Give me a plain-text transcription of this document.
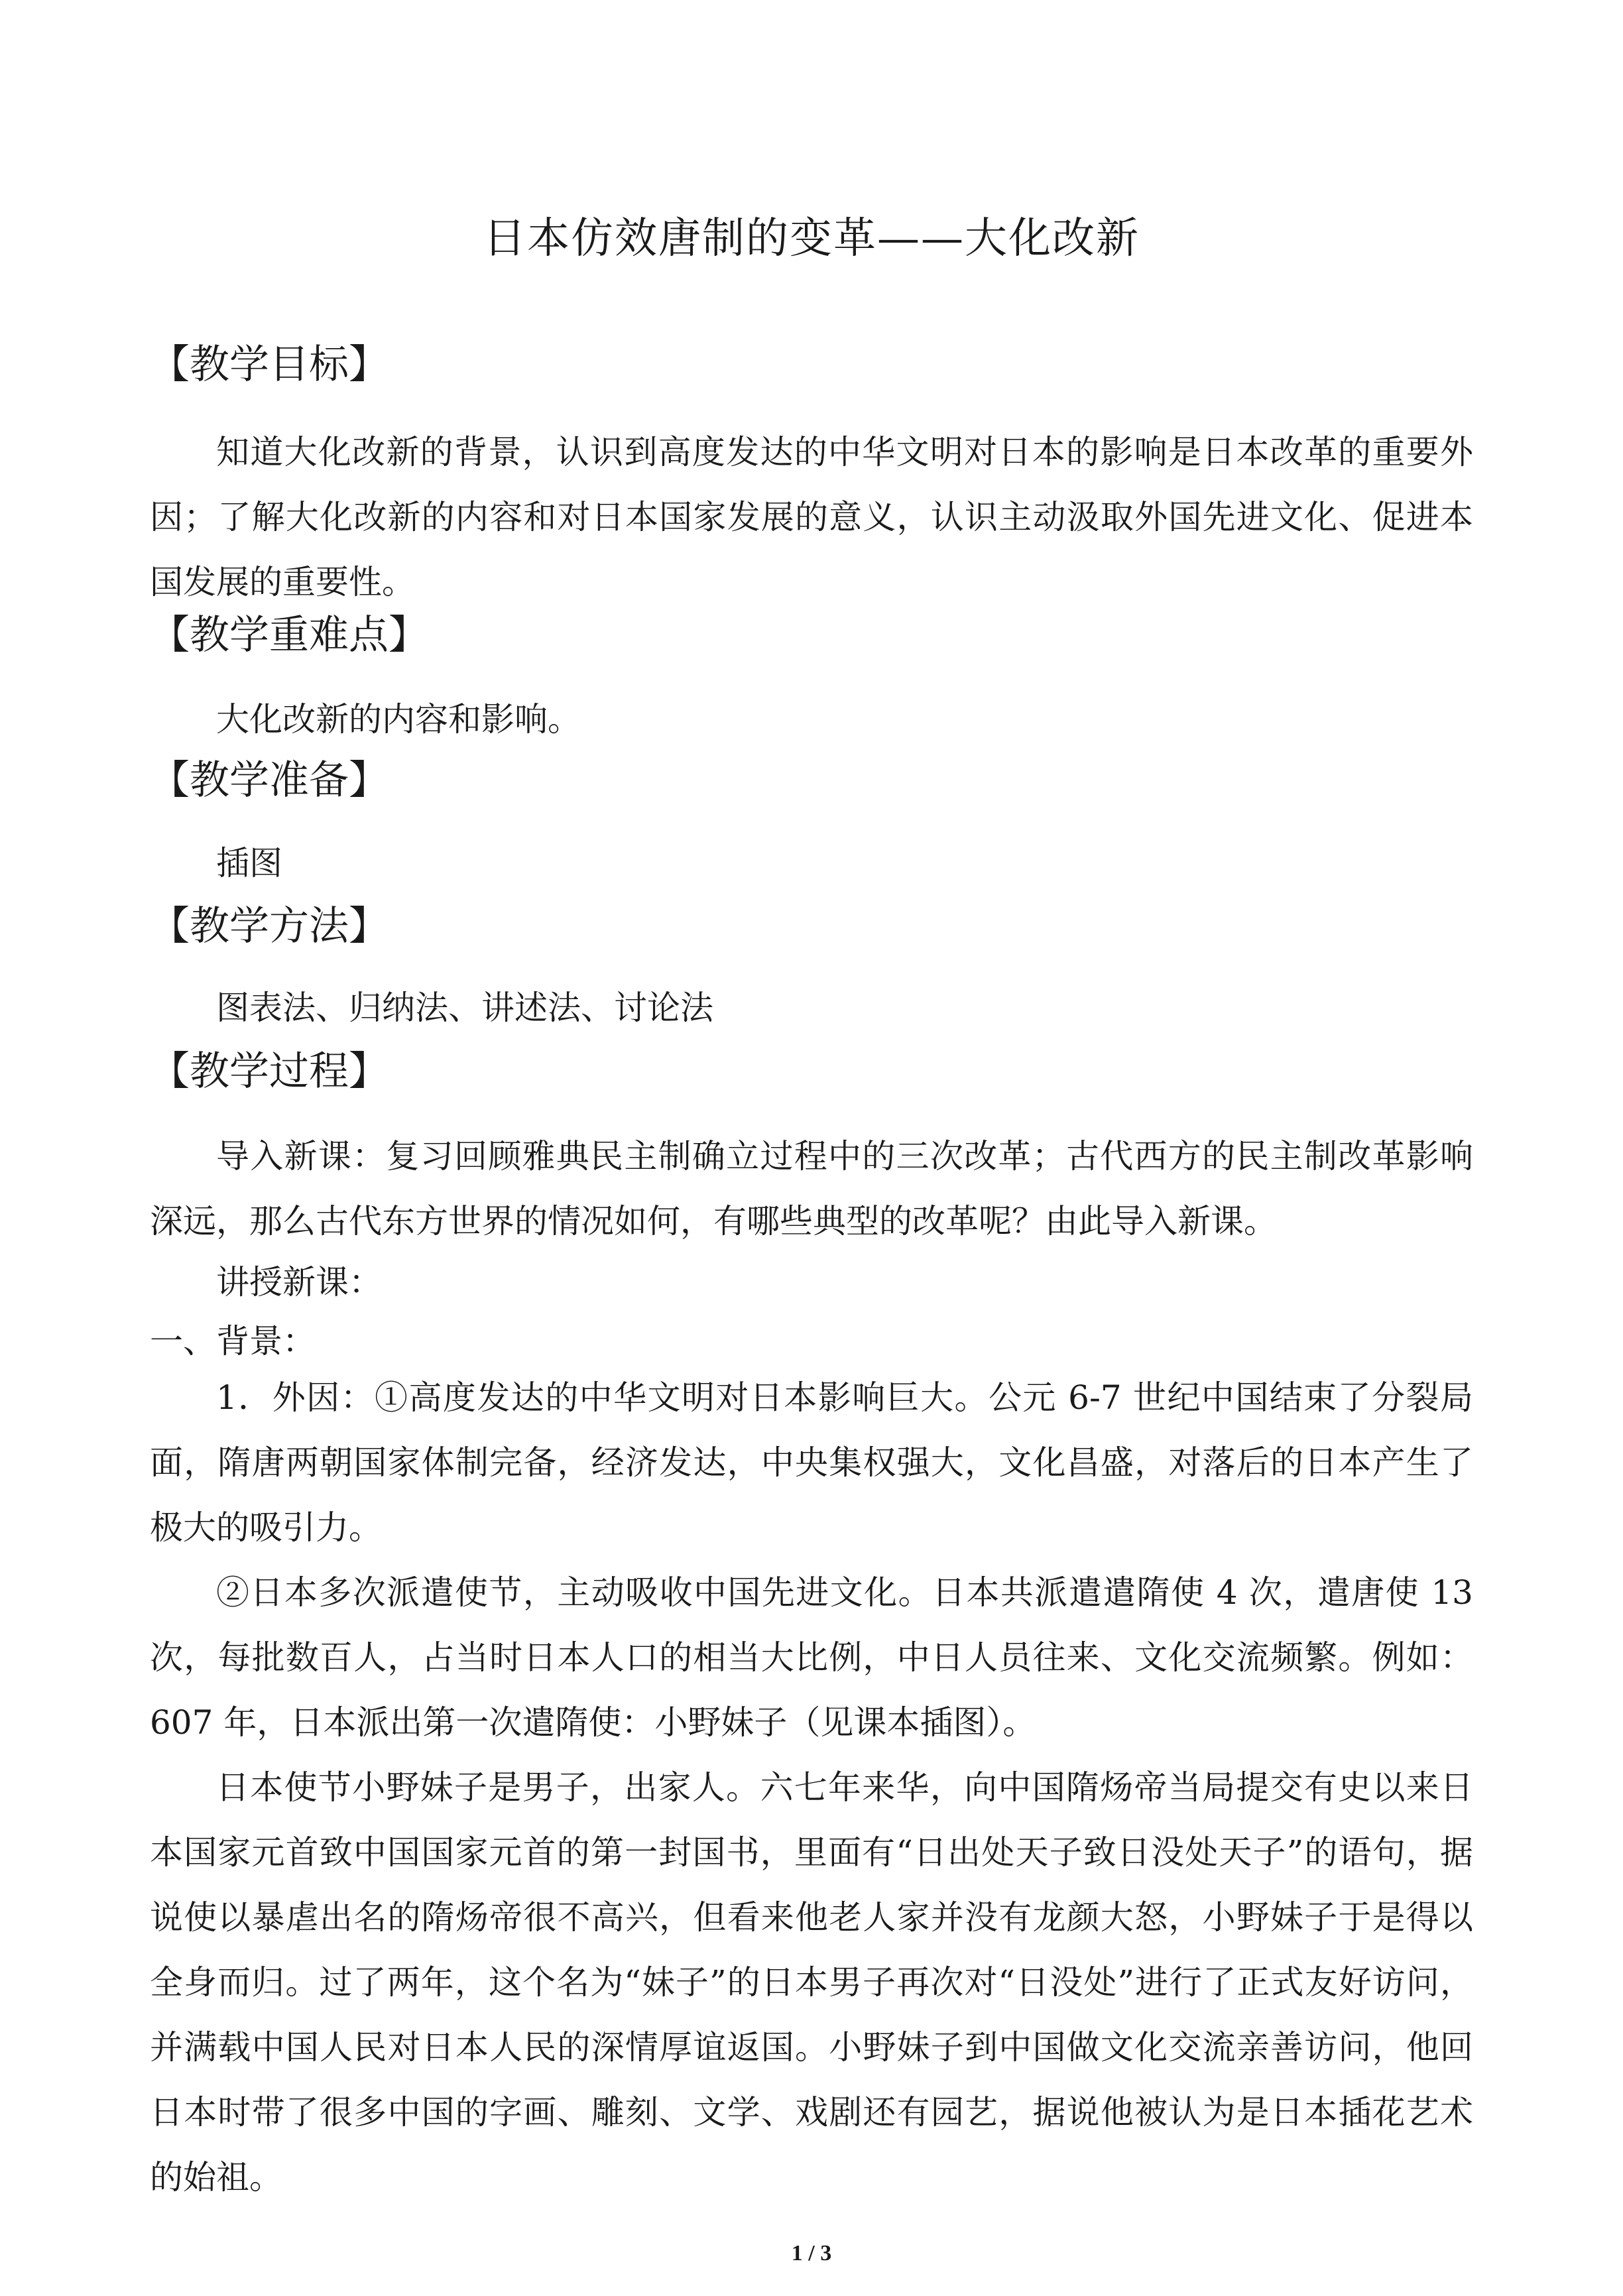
日本仿效唐制的变革——大化改新
【教学目标】
知道大化改新的背景，认识到高度发达的中华文明对日本的影响是日本改革的重要外因；了解大化改新的内容和对日本国家发展的意义，认识主动汲取外国先进文化、促进本国发展的重要性。
【教学重难点】
大化改新的内容和影响。
【教学准备】
插图
【教学方法】
图表法、归纳法、讲述法、讨论法
【教学过程】
导入新课：复习回顾雅典民主制确立过程中的三次改革；古代西方的民主制改革影响深远，那么古代东方世界的情况如何，有哪些典型的改革呢？由此导入新课。
讲授新课：
一、背景：
1．外因：①高度发达的中华文明对日本影响巨大。公元 6-7 世纪中国结束了分裂局面，隋唐两朝国家体制完备，经济发达，中央集权强大，文化昌盛，对落后的日本产生了极大的吸引力。
②日本多次派遣使节，主动吸收中国先进文化。日本共派遣遣隋使 4 次，遣唐使 13 次，每批数百人，占当时日本人口的相当大比例，中日人员往来、文化交流频繁。例如：607 年，日本派出第一次遣隋使：小野妹子（见课本插图）。
日本使节小野妹子是男子，出家人。六七年来华，向中国隋炀帝当局提交有史以来日本国家元首致中国国家元首的第一封国书，里面有“日出处天子致日没处天子”的语句，据说使以暴虐出名的隋炀帝很不高兴，但看来他老人家并没有龙颜大怒，小野妹子于是得以全身而归。过了两年，这个名为“妹子”的日本男子再次对“日没处”进行了正式友好访问，并满载中国人民对日本人民的深情厚谊返国。小野妹子到中国做文化交流亲善访问，他回日本时带了很多中国的字画、雕刻、文学、戏剧还有园艺，据说他被认为是日本插花艺术的始祖。
1 / 3
